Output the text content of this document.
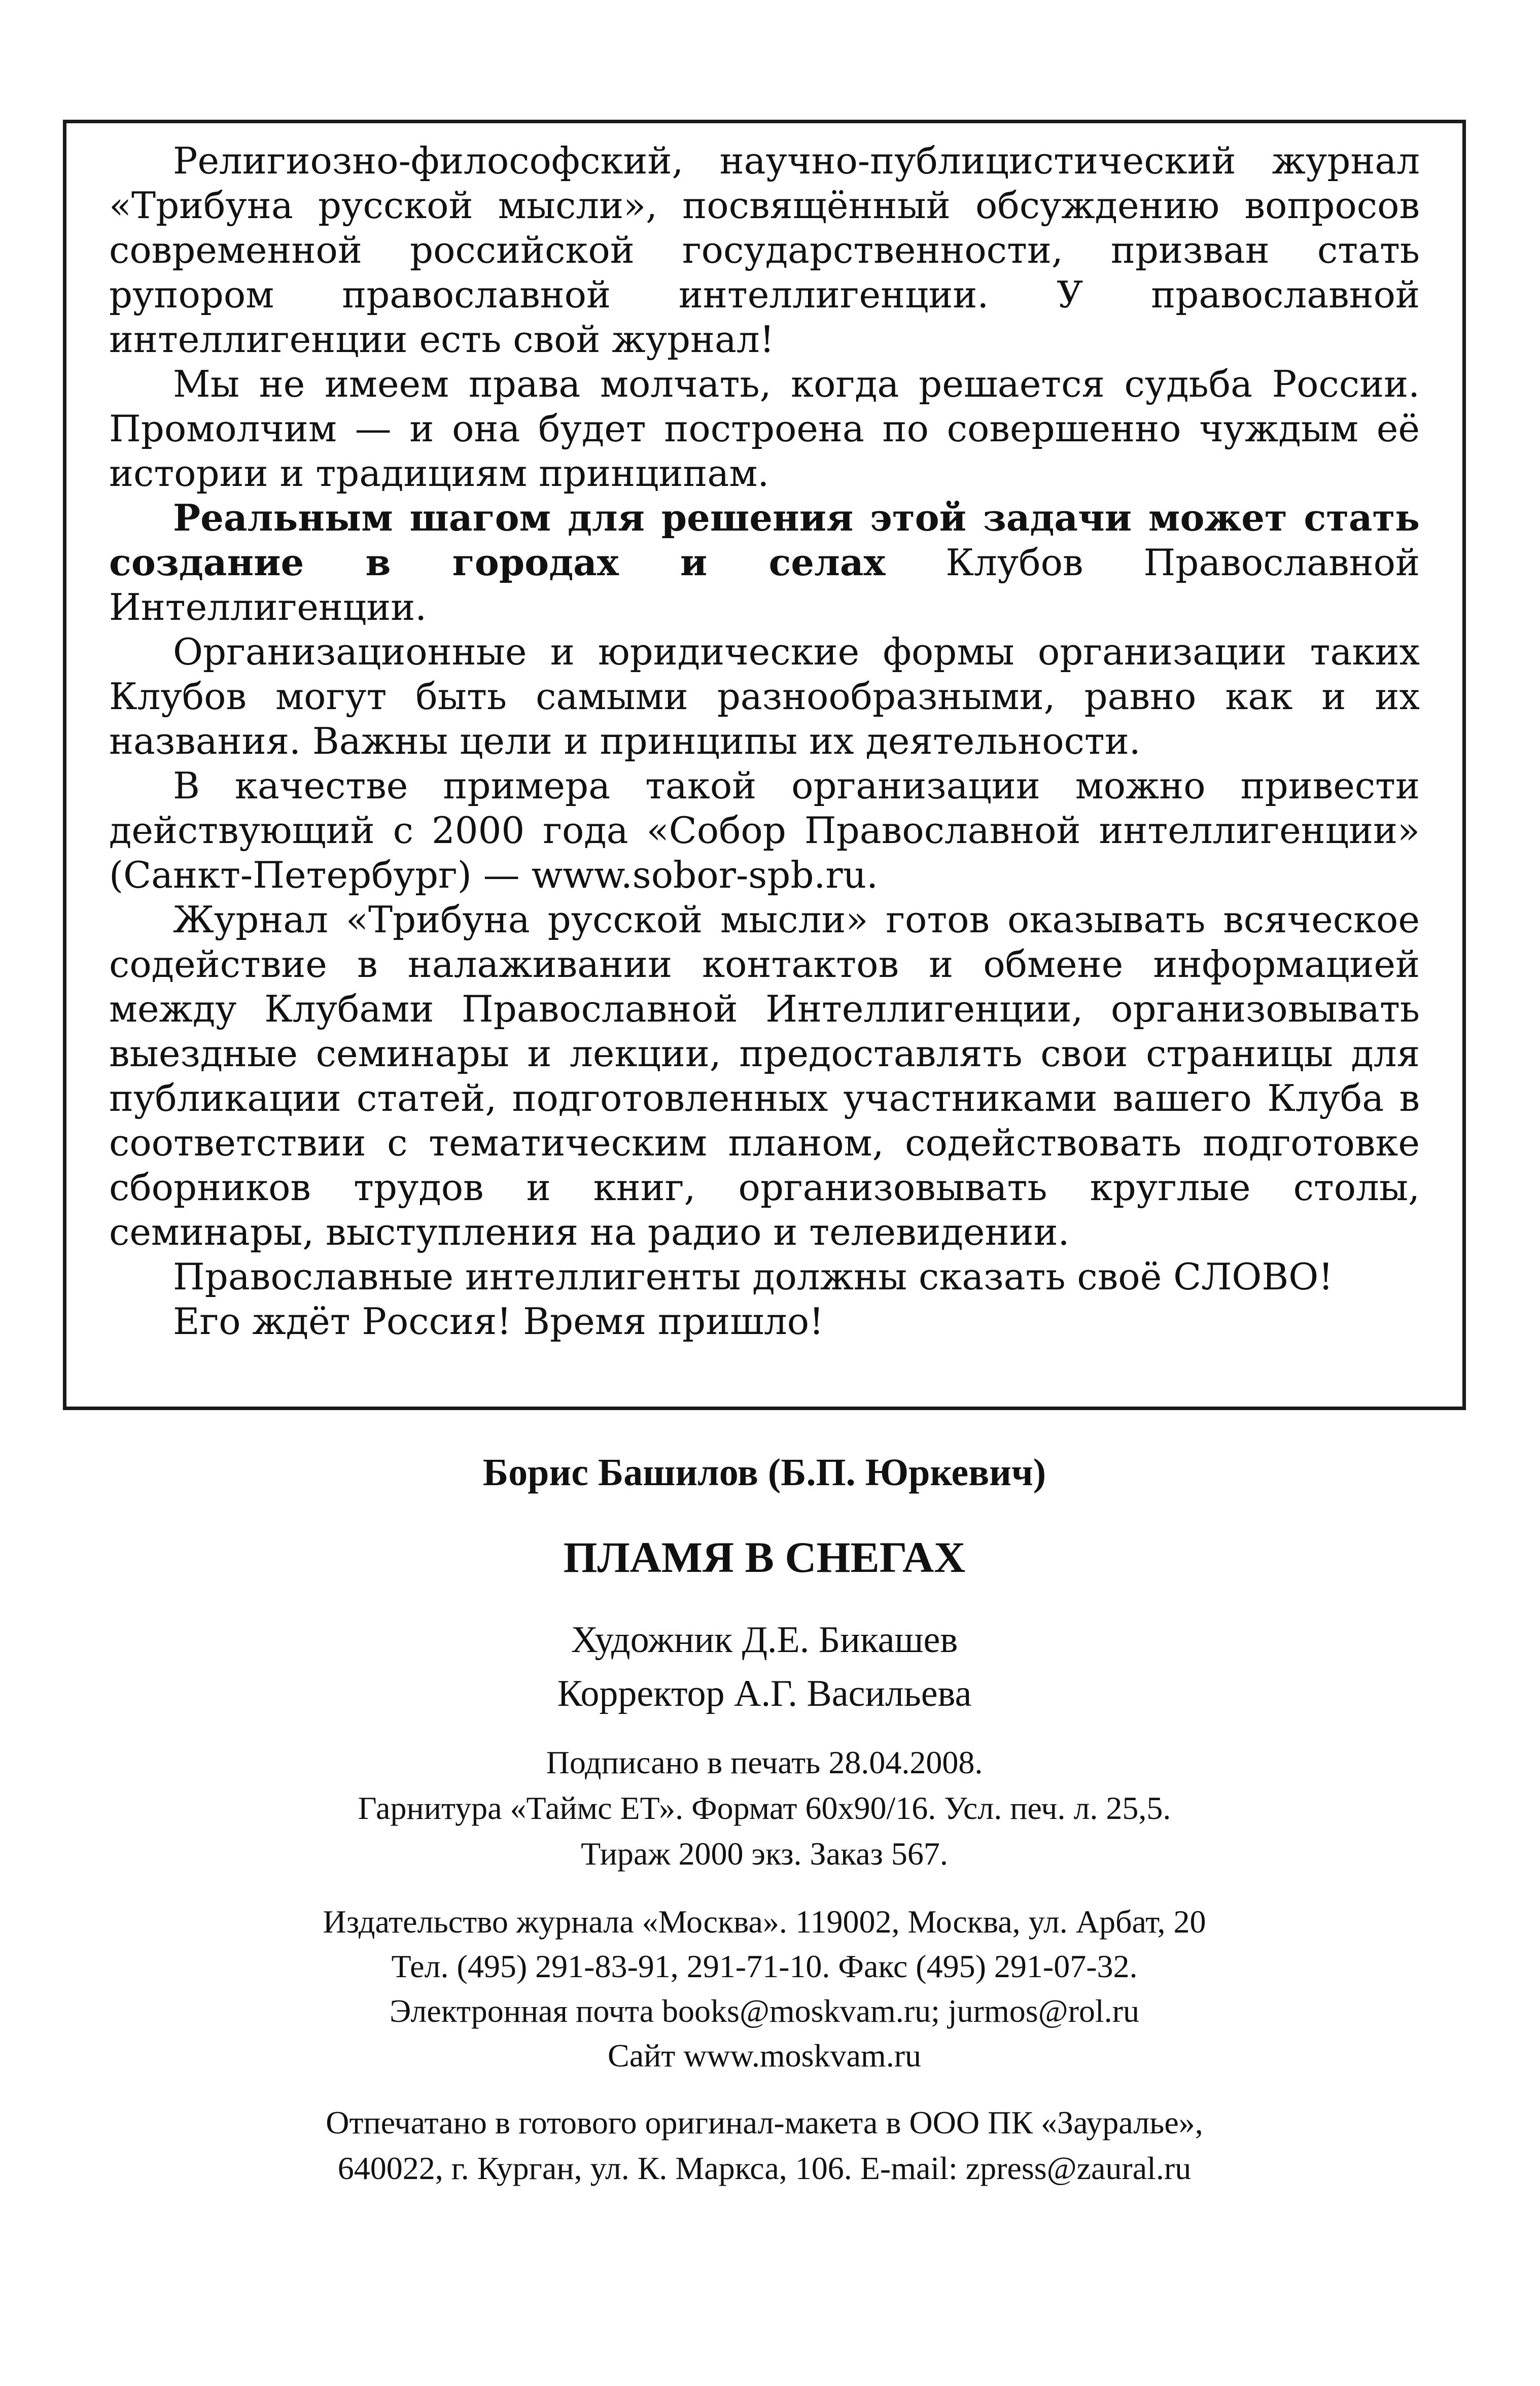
Религиозно-философский, научно-публицистический журнал «Трибуна русской мысли», посвящённый обсуждению вопросов современной российской государственности, призван стать рупором православной интеллигенции. У православной интеллигенции есть свой журнал!

Мы не имеем права молчать, когда решается судьба России. Промолчим — и она будет построена по совершенно чуждым её истории и традициям принципам.

Реальным шагом для решения этой задачи может стать создание в городах и селах Клубов Православной Интеллигенции.

Организационные и юридические формы организации таких Клубов могут быть самыми разнообразными, равно как и их названия. Важны цели и принципы их деятельности.

В качестве примера такой организации можно привести действующий с 2000 года «Собор Православной интеллигенции» (Санкт-Петербург) — www.sobor-spb.ru.

Журнал «Трибуна русской мысли» готов оказывать всяческое содействие в налаживании контактов и обмене информацией между Клубами Православной Интеллигенции, организовывать выездные семинары и лекции, предоставлять свои страницы для публикации статей, подготовленных участниками вашего Клуба в соответствии с тематическим планом, содействовать подготовке сборников трудов и книг, организовывать круглые столы, семинары, выступления на радио и телевидении.

Православные интеллигенты должны сказать своё СЛОВО!

Его ждёт Россия! Время пришло!

Борис Башилов (Б.П. Юркевич)
ПЛАМЯ В СНЕГАХ
Художник Д.Е. Бикашев
Корректор А.Г. Васильева
Подписано в печать 28.04.2008.
Гарнитура «Таймс ЕТ». Формат 60x90/16. Усл. печ. л. 25,5.
Тираж 2000 экз. Заказ 567.
Издательство журнала «Москва». 119002, Москва, ул. Арбат, 20
Тел. (495) 291-83-91, 291-71-10. Факс (495) 291-07-32.
Электронная почта books@moskvam.ru; jurmos@rol.ru
Сайт www.moskvam.ru
Отпечатано в готового оригинал-макета в ООО ПК «Зауралье»,
640022, г. Курган, ул. К. Маркса, 106. E-mail: zpress@zaural.ru
